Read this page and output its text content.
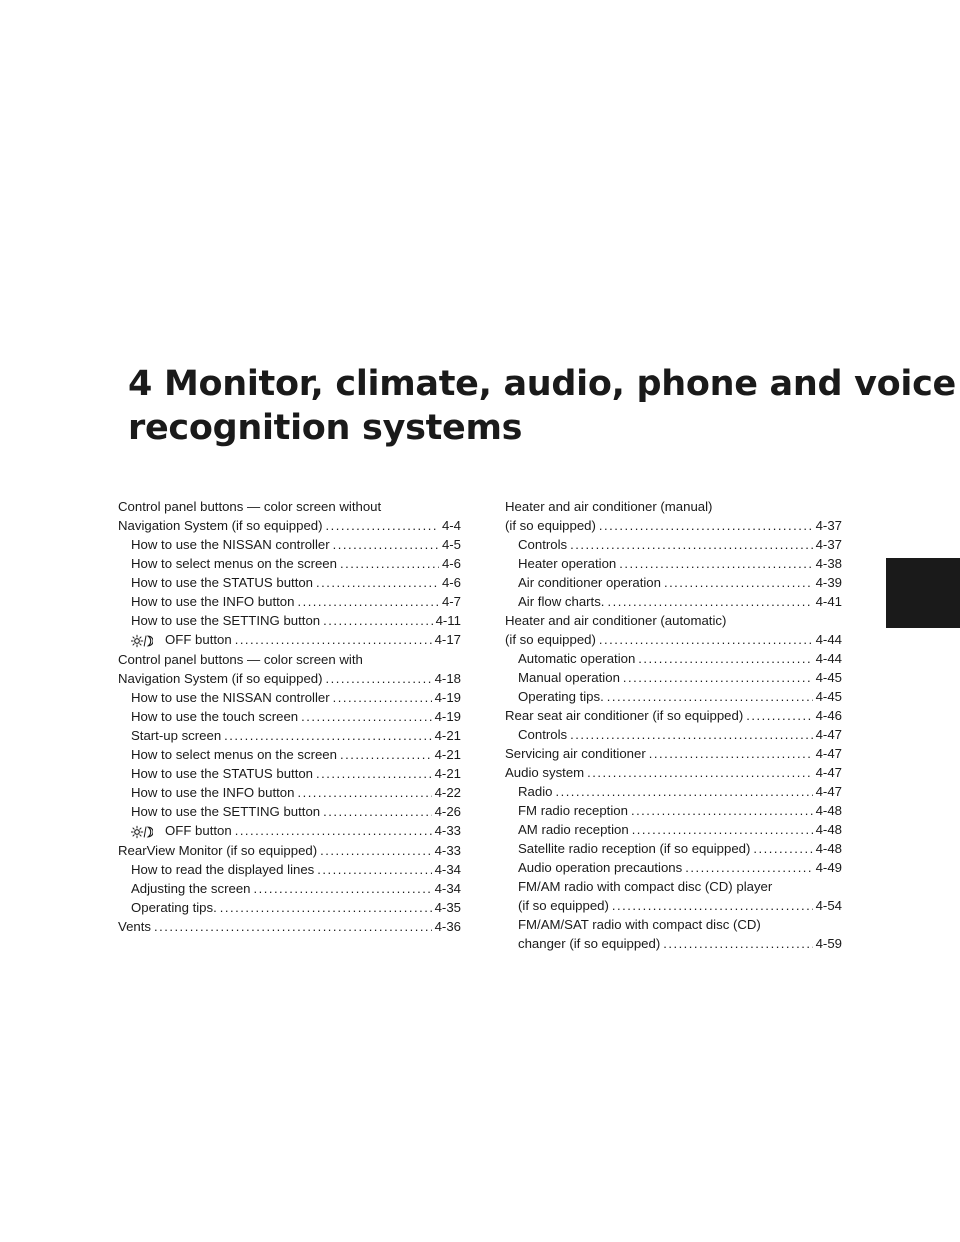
4 Monitor, climate, audio, phone and voice
recognition systems
Control panel buttons — color screen without
Navigation System (if so equipped) .....	4-4
How to use the NISSAN controller .....	4-5
How to select menus on the screen .....	4-6
How to use the STATUS button .....	4-6
How to use the INFO button .....	4-7
How to use the SETTING button .....	4-11
OFF button .....	4-17
Control panel buttons — color screen with
Navigation System (if so equipped) .....	4-18
How to use the NISSAN controller .....	4-19
How to use the touch screen .....	4-19
Start-up screen .....	4-21
How to select menus on the screen .....	4-21
How to use the STATUS button .....	4-21
How to use the INFO button .....	4-22
How to use the SETTING button .....	4-26
OFF button .....	4-33
RearView Monitor (if so equipped) .....	4-33
How to read the displayed lines .....	4-34
Adjusting the screen .....	4-34
Operating tips. .....	4-35
Vents .....	4-36
Heater and air conditioner (manual)
(if so equipped) .....	4-37
Controls .....	4-37
Heater operation .....	4-38
Air conditioner operation .....	4-39
Air flow charts. .....	4-41
Heater and air conditioner (automatic)
(if so equipped) .....	4-44
Automatic operation .....	4-44
Manual operation .....	4-45
Operating tips. .....	4-45
Rear seat air conditioner (if so equipped) .....	4-46
Controls .....	4-47
Servicing air conditioner .....	4-47
Audio system .....	4-47
Radio .....	4-47
FM radio reception .....	4-48
AM radio reception .....	4-48
Satellite radio reception (if so equipped) .....	4-48
Audio operation precautions .....	4-49
FM/AM radio with compact disc (CD) player
(if so equipped) .....	4-54
FM/AM/SAT radio with compact disc (CD)
changer (if so equipped) .....	4-59
